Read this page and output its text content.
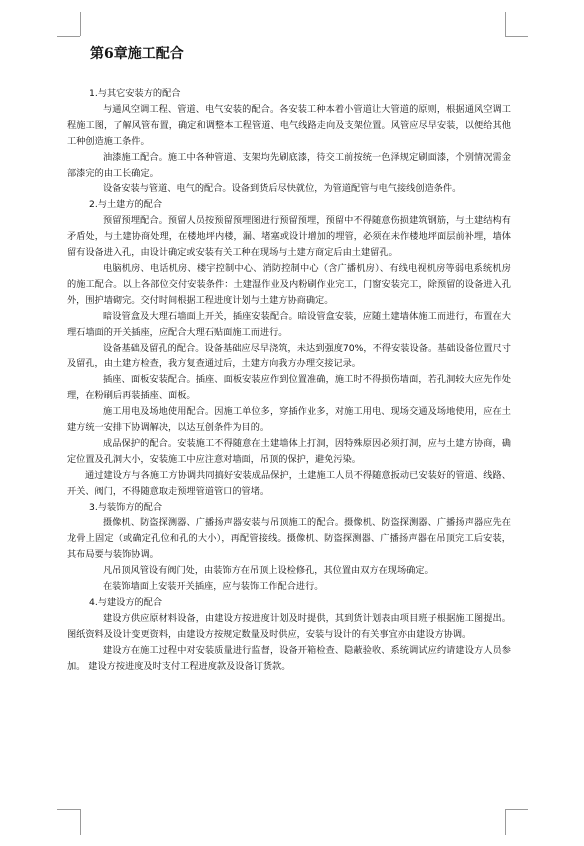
第6章施工配合

1.与其它安装方的配合

与通风空调工程、管道、电气安装的配合。各安装工种本着小管道让大管道的原则，根据通风空调工程施工图，了解风管布置，确定和调整本工程管道、电气线路走向及支架位置。风管应尽早安装，以便给其他工种创造施工条件。

油漆施工配合。施工中各种管道、支架均先刷底漆，待交工前按统一色泽规定刷面漆，个别情况需金部漆完的由工长确定。

设备安装与管道、电气的配合。设备到货后尽快就位，为管道配管与电气接线创造条件。

2.与土建方的配合

预留预埋配合。预留人员按预留预埋图进行预留预埋，预留中不得随意伤损建筑钢筋，与土建结构有矛盾处，与土建协商处理，在楼地坪内楼，漏、堵塞或设计增加的埋管，必须在未作楼地坪面层前补埋，墙体留有设备进入孔，由设计确定或安装有关工种在现场与土建方商定后由土建留孔。

电脑机房、电话机房、楼宇控制中心、消防控制中心（含广播机房）、有线电视机房等弱电系统机房的施工配合。以上各部位交付安装条件：土建湿作业及内粉刷作业完工，门窗安装完工，除预留的设备进入孔外，围护墙砌完。交付时间根据工程进度计划与土建方协商确定。

暗设管盒及大理石墙面上开关，插座安装配合。暗设管盒安装，应随土建墙体施工而进行，布置在大理石墙面的开关插座，应配合大理石贴面施工而进行。

设备基础及留孔的配合。设备基础应尽早浇筑，未达到强度70%，不得安装设备。基础设备位置尺寸及留孔，由土建方检查，我方复查通过后，土建方向我方办理交接记录。

插座、面板安装配合。插座、面板安装应作到位置准确，施工时不得损伤墙面，若孔洞较大应先作处理，在粉刷后再装插座、面板。

施工用电及场地使用配合。因施工单位多，穿插作业多，对施工用电、现场交通及场地使用，应在土建方统一安排下协调解决，以达互创条件为目的。

成品保护的配合。安装施工不得随意在土建墙体上打洞，因特殊原因必须打洞，应与土建方协商，确定位置及孔洞大小，安装施工中应注意对墙面，吊顶的保护，避免污染。

通过建设方与各施工方协调共同搞好安装成品保护，土建施工人员不得随意扳动已安装好的管道、线路、开关、阀门，不得随意取走预埋管道管口的管堵。

3.与装饰方的配合

摄像机、防盗探测器、广播扬声器安装与吊顶施工的配合。摄像机、防盗探测器、广播扬声器应先在龙骨上固定（或确定孔位和孔的大小），再配管接线。摄像机、防盗探测器、广播扬声器在吊顶完工后安装，其布局要与装饰协调。

凡吊顶风管设有阀门处，由装饰方在吊顶上设检修孔，其位置由双方在现场确定。

在装饰墙面上安装开关插座，应与装饰工作配合进行。

4.与建设方的配合

建设方供应原材料设备，由建设方按进度计划及时提供，其到货计划表由项目班子根据施工图提出。图纸资料及设计变更资料，由建设方按规定数量及时供应，安装与设计的有关事宜亦由建设方协调。

建设方在施工过程中对安装质量进行监督，设备开箱检查、隐蔽验收、系统调试应约请建设方人员参加。 建设方按进度及时支付工程进度款及设备订货款。
